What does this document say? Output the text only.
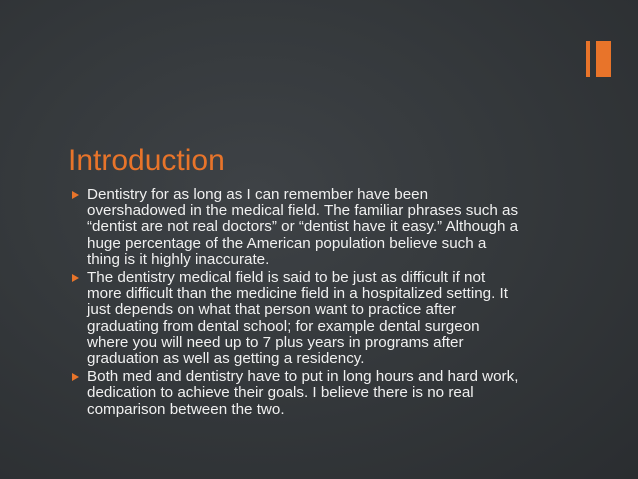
Introduction
Dentistry for as long as I can remember have been
overshadowed in the medical field. The familiar phrases such as
“dentist are not real doctors” or “dentist have it easy.” Although a
huge percentage of the American population believe such a
thing is it highly inaccurate.
The dentistry medical field is said to be just as difficult if not
more difficult than the medicine field in a hospitalized setting. It
just depends on what that person want to practice after
graduating from dental school; for example dental surgeon
where you will need up to 7 plus years in programs after
graduation as well as getting a residency.
Both med and dentistry have to put in long hours and hard work,
dedication to achieve their goals. I believe there is no real
comparison between the two.
